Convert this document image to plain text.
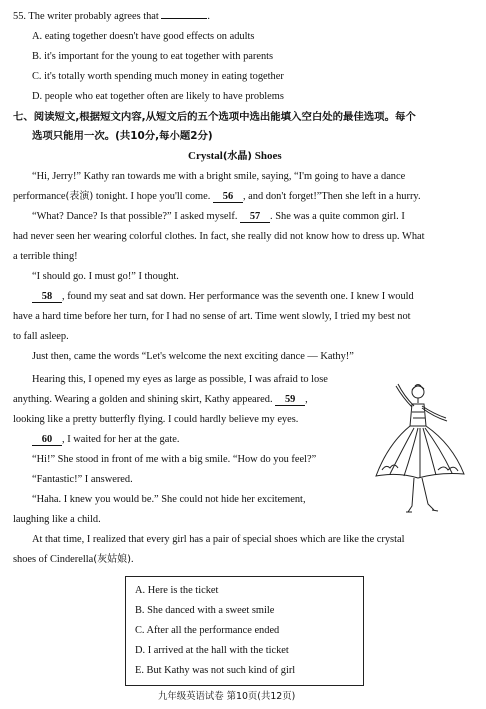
55. The writer probably agrees that	.
A. eating together doesn't have good effects on adults
B. it's important for the young to eat together with parents
C. it's totally worth spending much money in eating together
D. people who eat together often are likely to have problems
七、阅读短文,根据短文内容,从短文后的五个选项中选出能填入空白处的最佳选项。每个
选项只能用一次。(共10分,每小题2分)
Crystal(水晶) Shoes
“Hi, Jerry!” Kathy ran towards me with a bright smile, saying, “I'm going to have a dance
performance(表演) tonight. I hope you'll come. 56 , and don't forget!”Then she left in a hurry.
“What? Dance? Is that possible?” I asked myself. 57 . She was a quite common girl. I
had never seen her wearing colorful clothes. In fact, she really did not know how to dress up. What
a terrible thing!
“I should go. I must go!” I thought.
58 , found my seat and sat down. Her performance was the seventh one. I knew I would
have a hard time before her turn, for I had no sense of art. Time went slowly, I tried my best not
to fall asleep.
Just then, came the words “Let's welcome the next exciting dance — Kathy!”
Hearing this, I opened my eyes as large as possible, I was afraid to lose
anything. Wearing a golden and shining skirt, Kathy appeared. 59 ,
looking like a pretty butterfly flying. I could hardly believe my eyes.
60 , I waited for her at the gate.
“Hi!” She stood in front of me with a big smile. “How do you feel?”
“Fantastic!” I answered.
“Haha. I knew you would be.” She could not hide her excitement,
laughing like a child.
At that time, I realized that every girl has a pair of special shoes which are like the crystal
shoes of Cinderella(灰姑娘).
A. Here is the ticket
B. She danced with a sweet smile
C. After all the performance ended
D. I arrived at the hall with the ticket
E. But Kathy was not such kind of girl
九年级英语试卷 第10页(共12页)
